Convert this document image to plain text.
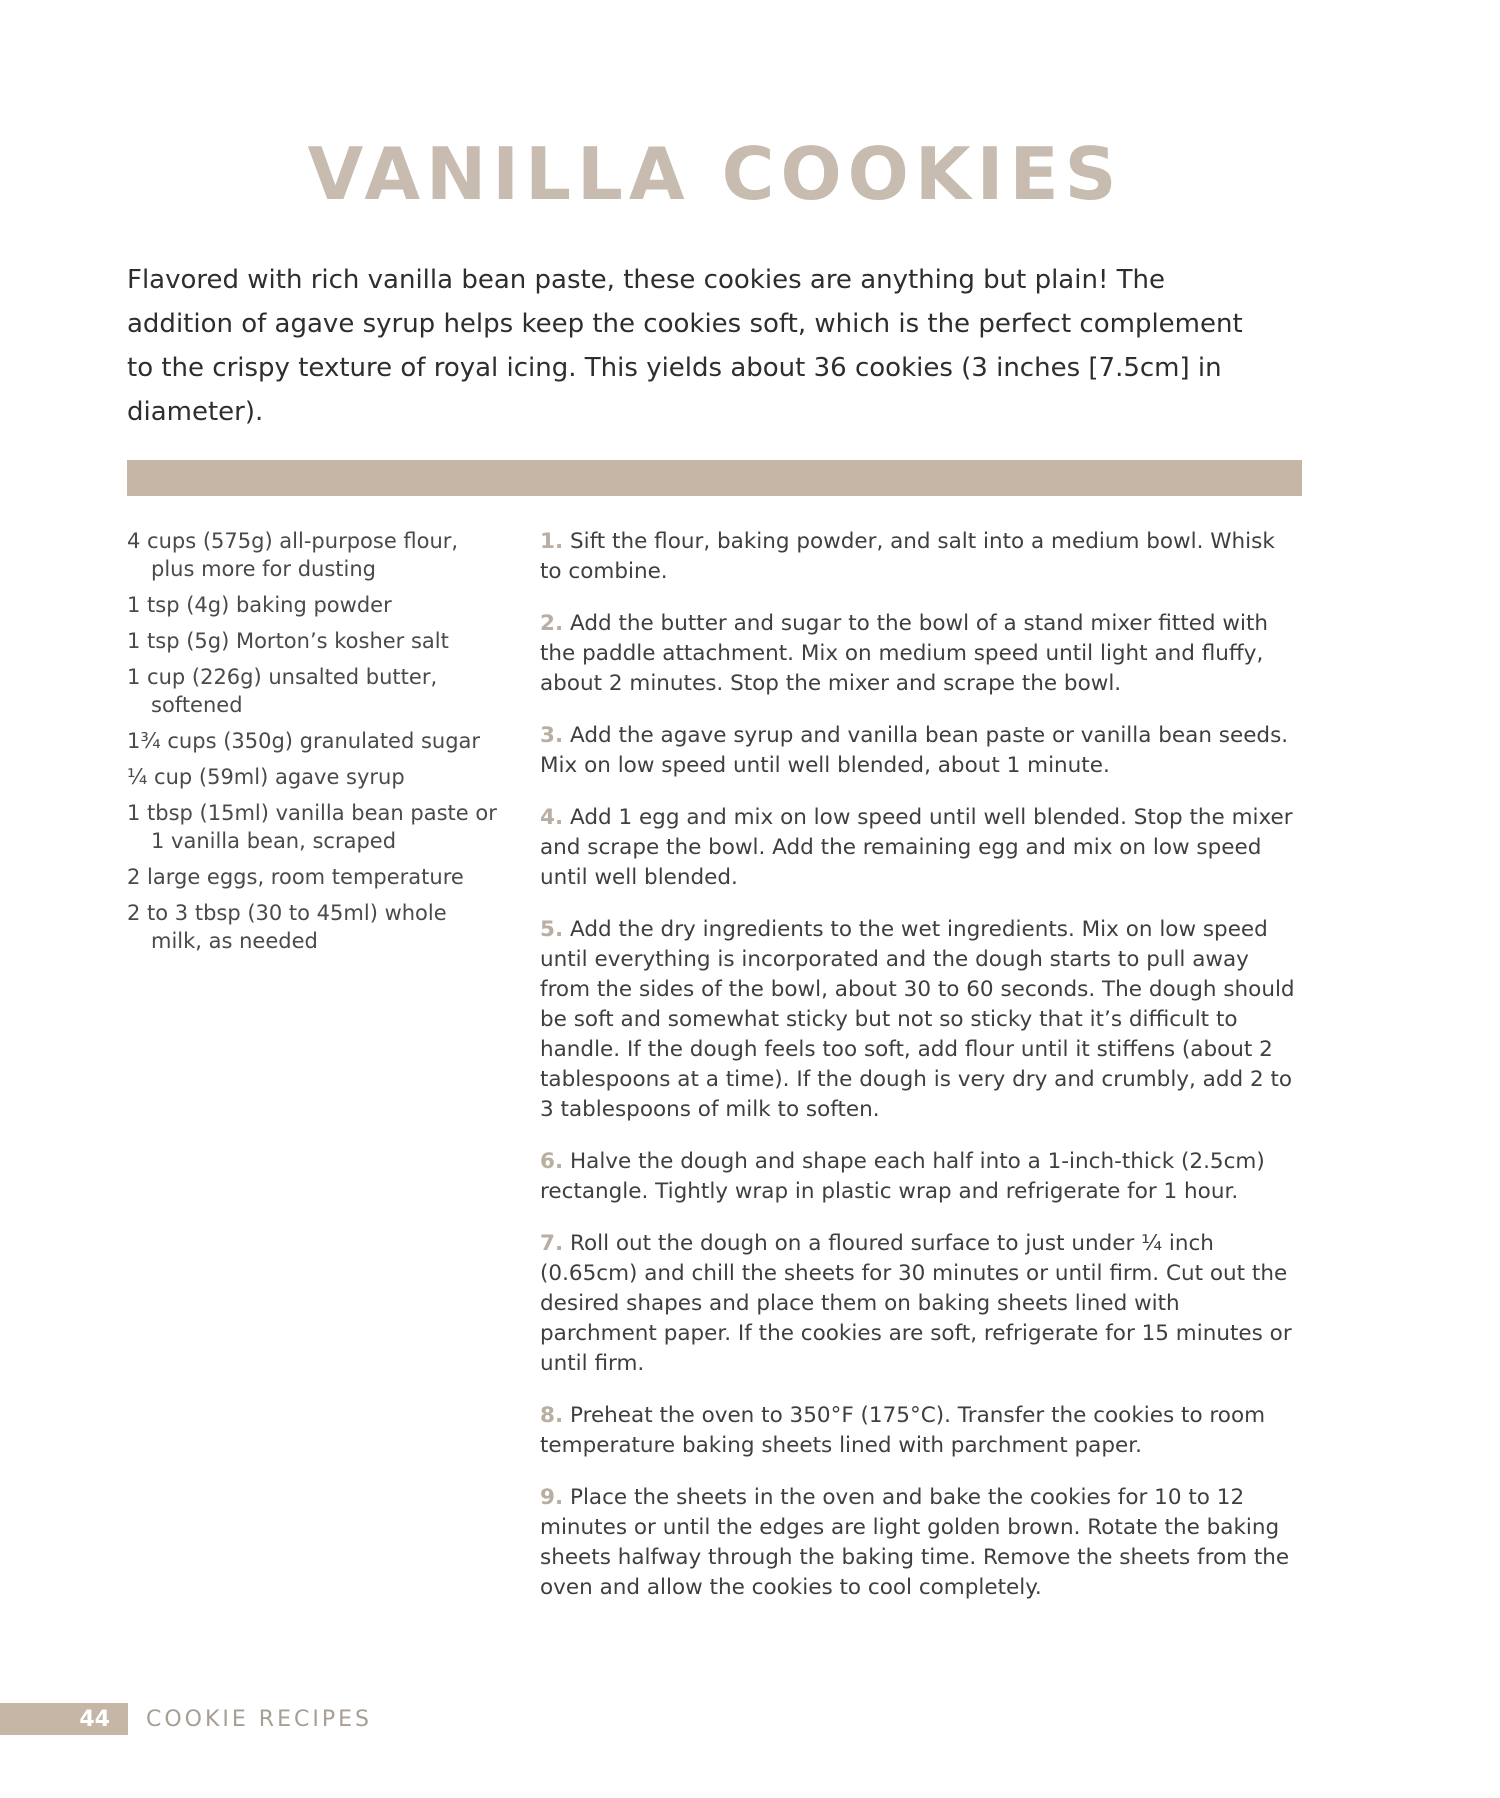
VANILLA COOKIES

Flavored with rich vanilla bean paste, these cookies are anything but plain! The addition of agave syrup helps keep the cookies soft, which is the perfect complement to the crispy texture of royal icing. This yields about 36 cookies (3 inches [7.5cm] in diameter).

4 cups (575g) all-purpose flour, plus more for dusting
1 tsp (4g) baking powder
1 tsp (5g) Morton’s kosher salt
1 cup (226g) unsalted butter, softened
1¾ cups (350g) granulated sugar
¼ cup (59ml) agave syrup
1 tbsp (15ml) vanilla bean paste or 1 vanilla bean, scraped
2 large eggs, room temperature
2 to 3 tbsp (30 to 45ml) whole milk, as needed
1. Sift the flour, baking powder, and salt into a medium bowl. Whisk to combine.
2. Add the butter and sugar to the bowl of a stand mixer fitted with the paddle attachment. Mix on medium speed until light and fluffy, about 2 minutes. Stop the mixer and scrape the bowl.
3. Add the agave syrup and vanilla bean paste or vanilla bean seeds. Mix on low speed until well blended, about 1 minute.
4. Add 1 egg and mix on low speed until well blended. Stop the mixer and scrape the bowl. Add the remaining egg and mix on low speed until well blended.
5. Add the dry ingredients to the wet ingredients. Mix on low speed until everything is incorporated and the dough starts to pull away from the sides of the bowl, about 30 to 60 seconds. The dough should be soft and somewhat sticky but not so sticky that it’s difficult to handle. If the dough feels too soft, add flour until it stiffens (about 2 tablespoons at a time). If the dough is very dry and crumbly, add 2 to 3 tablespoons of milk to soften.
6. Halve the dough and shape each half into a 1-inch-thick (2.5cm) rectangle. Tightly wrap in plastic wrap and refrigerate for 1 hour.
7. Roll out the dough on a floured surface to just under ¼ inch (0.65cm) and chill the sheets for 30 minutes or until firm. Cut out the desired shapes and place them on baking sheets lined with parchment paper. If the cookies are soft, refrigerate for 15 minutes or until firm.
8. Preheat the oven to 350°F (175°C). Transfer the cookies to room temperature baking sheets lined with parchment paper.
9. Place the sheets in the oven and bake the cookies for 10 to 12 minutes or until the edges are light golden brown. Rotate the baking sheets halfway through the baking time. Remove the sheets from the oven and allow the cookies to cool completely.
44	COOKIE RECIPES
